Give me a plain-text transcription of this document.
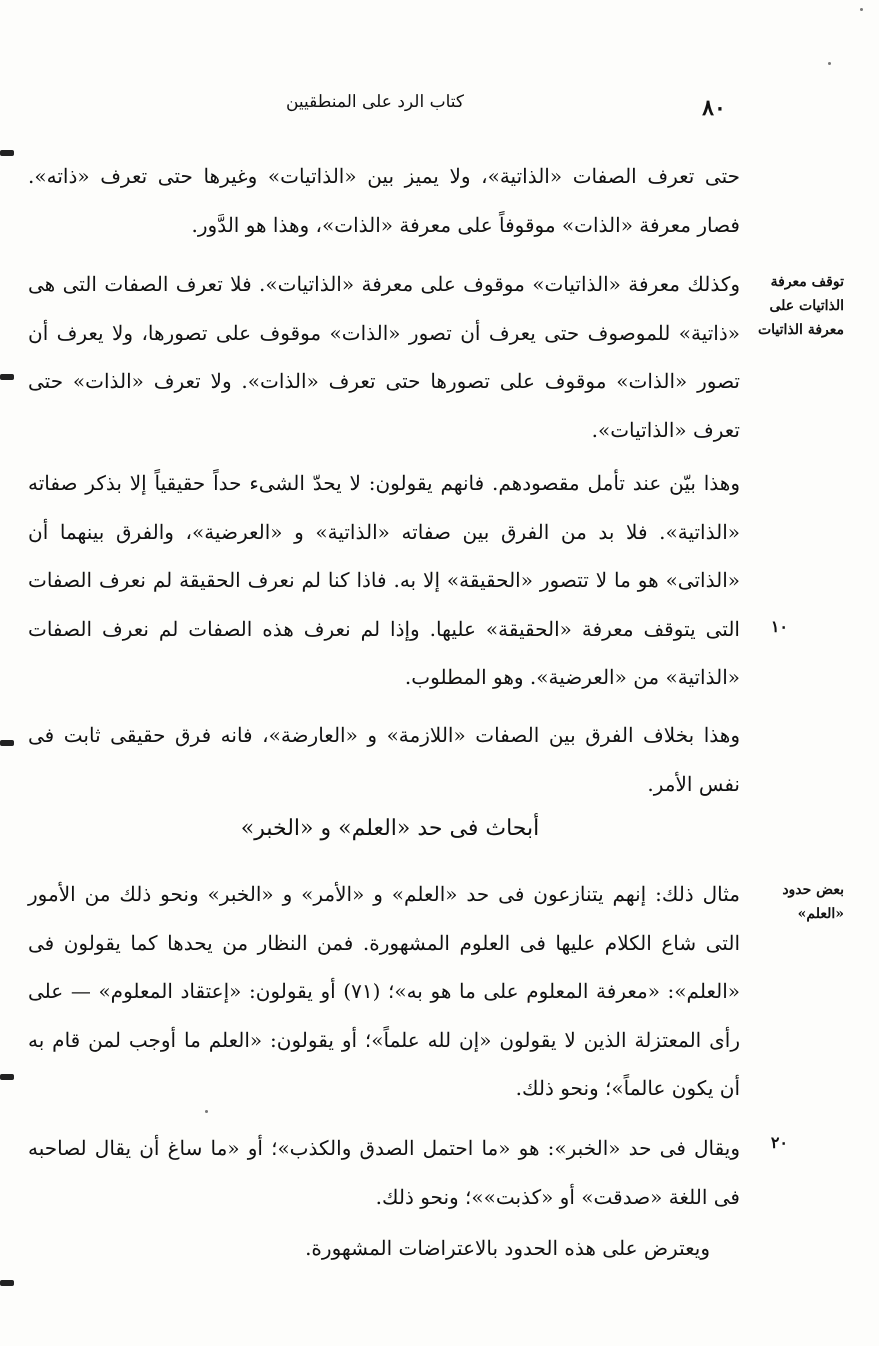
٨٠
كتاب الرد على المنطقيين
توقف معرفة الذاتيات على معرفة الذاتيات
بعض حدود «العلم»
١٠
٢٠

حتى تعرف الصفات «الذاتية»، ولا يميز بين «الذاتيات» وغيرها حتى تعرف «ذاته». فصار معرفة «الذات» موقوفاً على معرفة «الذات»، وهذا هو الدَّور.

وكذلك معرفة «الذاتيات» موقوف على معرفة «الذاتيات». فلا تعرف الصفات التى هى «ذاتية» للموصوف حتى يعرف أن تصور «الذات» موقوف على تصورها، ولا يعرف أن تصور «الذات» موقوف على تصورها حتى تعرف «الذات». ولا تعرف «الذات» حتى تعرف «الذاتيات».

وهذا بيّن عند تأمل مقصودهم. فانهم يقولون: لا يحدّ الشىء حداً حقيقياً إلا بذكر صفاته «الذاتية». فلا بد من الفرق بين صفاته «الذاتية» و «العرضية»، والفرق بينهما أن «الذاتى» هو ما لا تتصور «الحقيقة» إلا به. فاذا كنا لم نعرف الحقيقة لم نعرف الصفات التى يتوقف معرفة «الحقيقة» عليها. وإذا لم نعرف هذه الصفات لم نعرف الصفات «الذاتية» من «العرضية». وهو المطلوب.

وهذا بخلاف الفرق بين الصفات «اللازمة» و «العارضة»، فانه فرق حقيقى ثابت فى نفس الأمر.

أبحاث فى حد «العلم» و «الخبر»

مثال ذلك: إنهم يتنازعون فى حد «العلم» و «الأمر» و «الخبر» ونحو ذلك من الأمور التى شاع الكلام عليها فى العلوم المشهورة. فمن النظار من يحدها كما يقولون فى «العلم»: «معرفة المعلوم على ما هو به»؛ (٧١) أو يقولون: «إعتقاد المعلوم» — على رأى المعتزلة الذين لا يقولون «إن لله علماً»؛ أو يقولون: «العلم ما أوجب لمن قام به أن يكون عالماً»؛ ونحو ذلك.

ويقال فى حد «الخبر»: هو «ما احتمل الصدق والكذب»؛ أو «ما ساغ أن يقال لصاحبه فى اللغة «صدقت» أو «كذبت»»؛ ونحو ذلك.

ويعترض على هذه الحدود بالاعتراضات المشهورة.
